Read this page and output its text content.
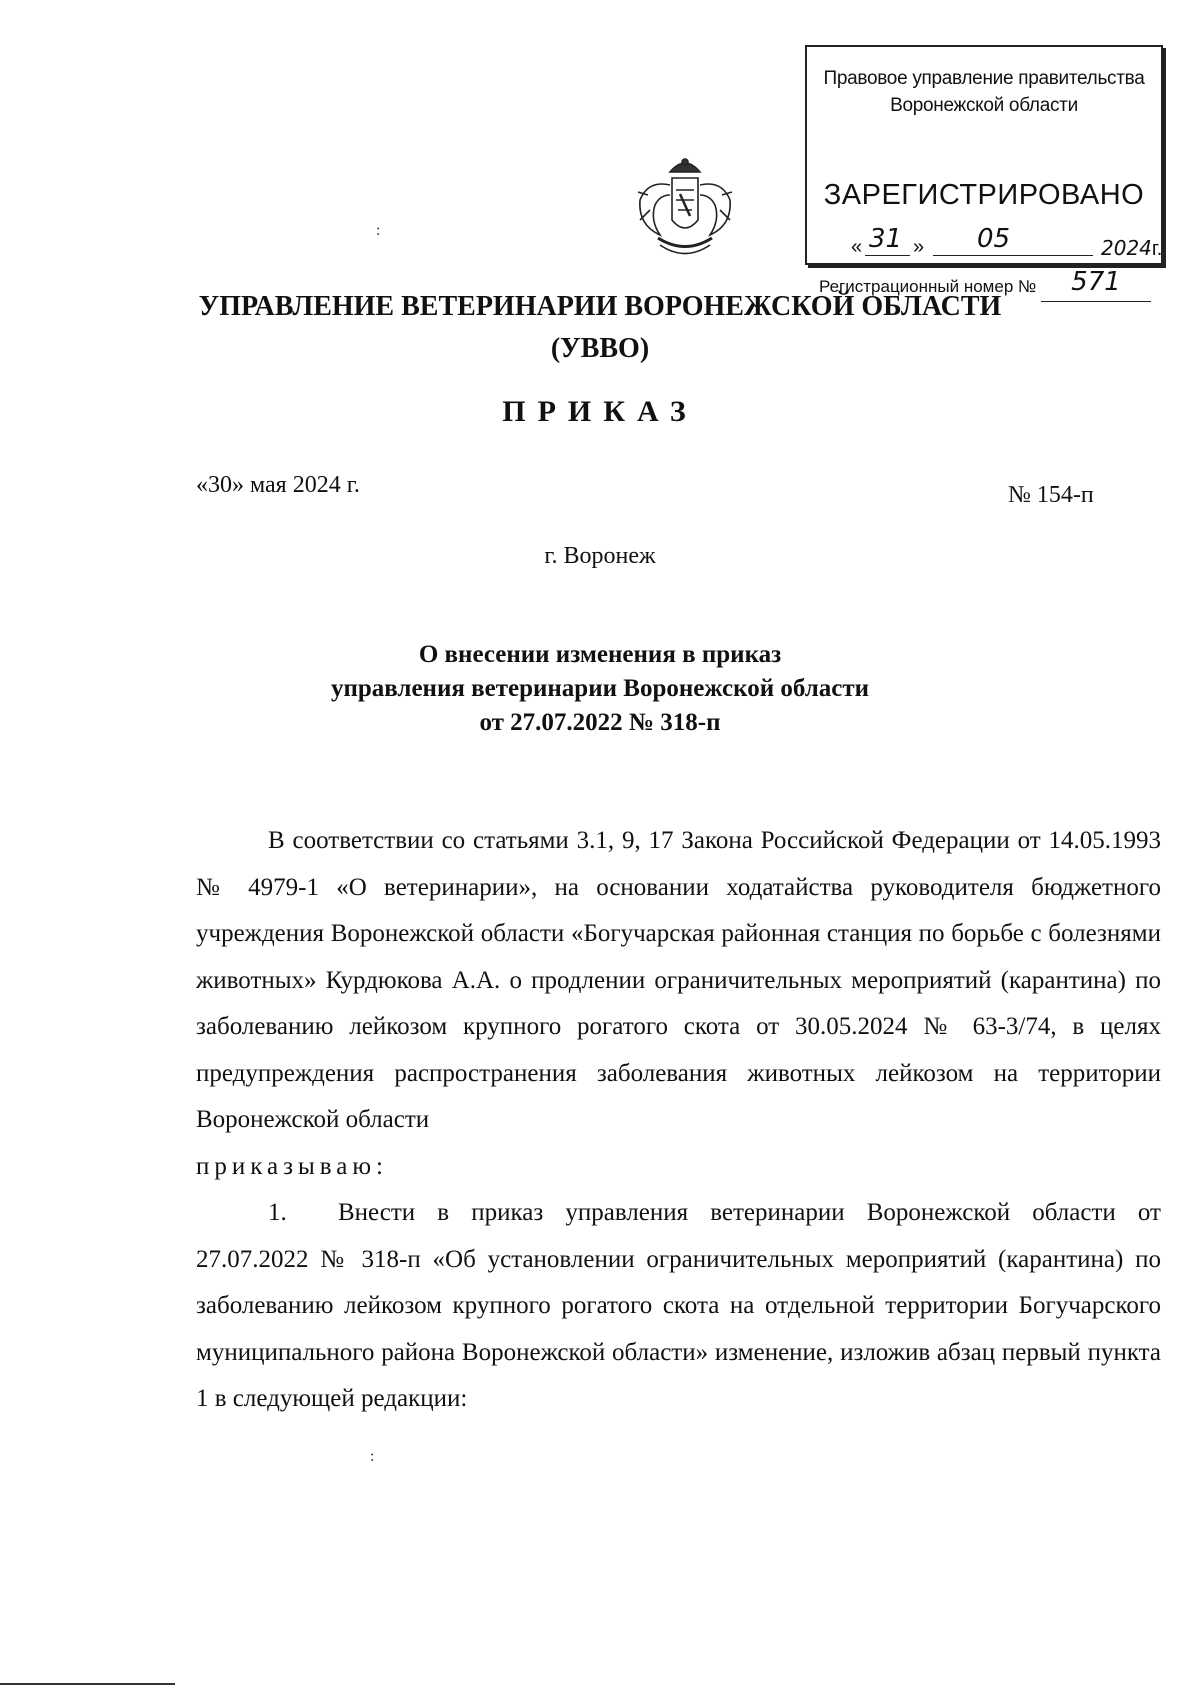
Правовое управление правительства
Воронежской области
ЗАРЕГИСТРИРОВАНО
« 31 » 05	2024г.
Регистрационный номер № 571
:
:
УПРАВЛЕНИЕ ВЕТЕРИНАРИИ ВОРОНЕЖСКОЙ ОБЛАСТИ
(УВВО)
ПРИКАЗ
«30» мая 2024 г.	№ 154-п
г. Воронеж
О внесении изменения в приказ
управления ветеринарии Воронежской области
от 27.07.2022 № 318-п

В соответствии со статьями 3.1, 9, 17 Закона Российской Федерации от 14.05.1993 № 4979-1 «О ветеринарии», на основании ходатайства руководителя бюджетного учреждения Воронежской области «Богучарская районная станция по борьбе с болезнями животных» Курдюкова А.А. о продлении ограничительных мероприятий (карантина) по заболеванию лейкозом крупного рогатого скота от 30.05.2024 № 63-3/74, в целях предупреждения распространения заболевания животных лейкозом на территории Воронежской области

приказываю:

1. Внести в приказ управления ветеринарии Воронежской области от 27.07.2022 № 318-п «Об установлении ограничительных мероприятий (карантина) по заболеванию лейкозом крупного рогатого скота на отдельной территории Богучарского муниципального района Воронежской области» изменение, изложив абзац первый пункта 1 в следующей редакции:
